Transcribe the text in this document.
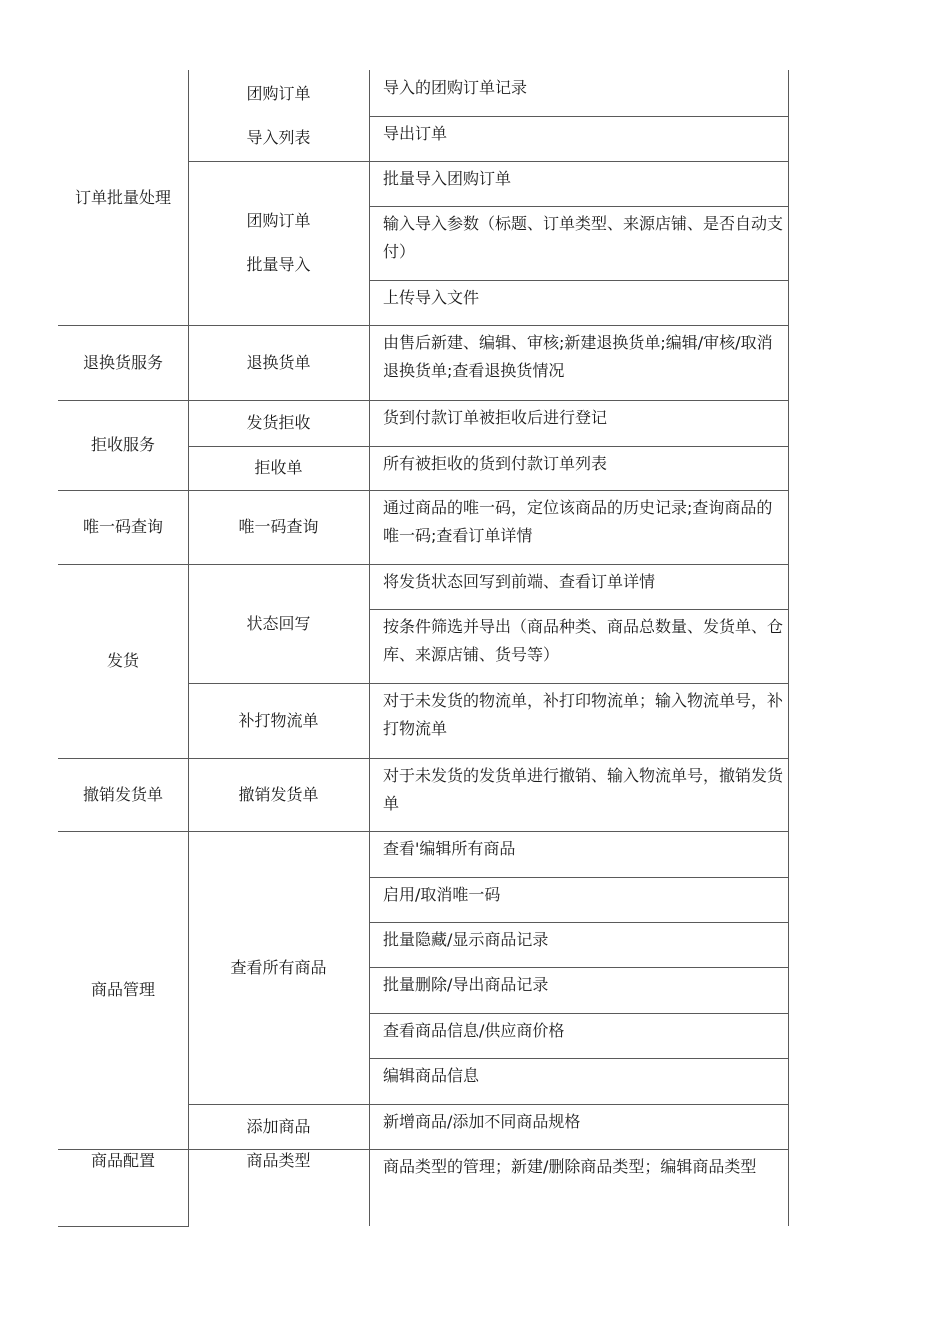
导入的团购订单记录
导出订单
团购订单
导入列表
批量导入团购订单
输入导入参数（标题、订单类型、来源店铺、是否自动支付）
上传导入文件
团购订单
批量导入
订单批量处理
由售后新建、编辑、审核;新建退换货单;编辑/审核/取消退换货单;查看退换货情况
退换货单
退换货服务
货到付款订单被拒收后进行登记
发货拒收
所有被拒收的货到付款订单列表
拒收单
拒收服务
通过商品的唯一码，定位该商品的历史记录;查询商品的唯一码;查看订单详情
唯一码查询
唯一码查询
将发货状态回写到前端、查看订单详情
按条件筛选并导出（商品种类、商品总数量、发货单、仓库、来源店铺、货号等）
状态回写
对于未发货的物流单，补打印物流单；输入物流单号，补打物流单
补打物流单
发货
对于未发货的发货单进行撤销、输入物流单号，撤销发货单
撤销发货单
撤销发货单
查看'编辑所有商品
启用/取消唯一码
批量隐藏/显示商品记录
批量删除/导出商品记录
查看商品信息/供应商价格
编辑商品信息
查看所有商品
新增商品/添加不同商品规格
添加商品
商品管理
商品类型的管理；新建/删除商品类型；编辑商品类型
商品类型
商品配置
